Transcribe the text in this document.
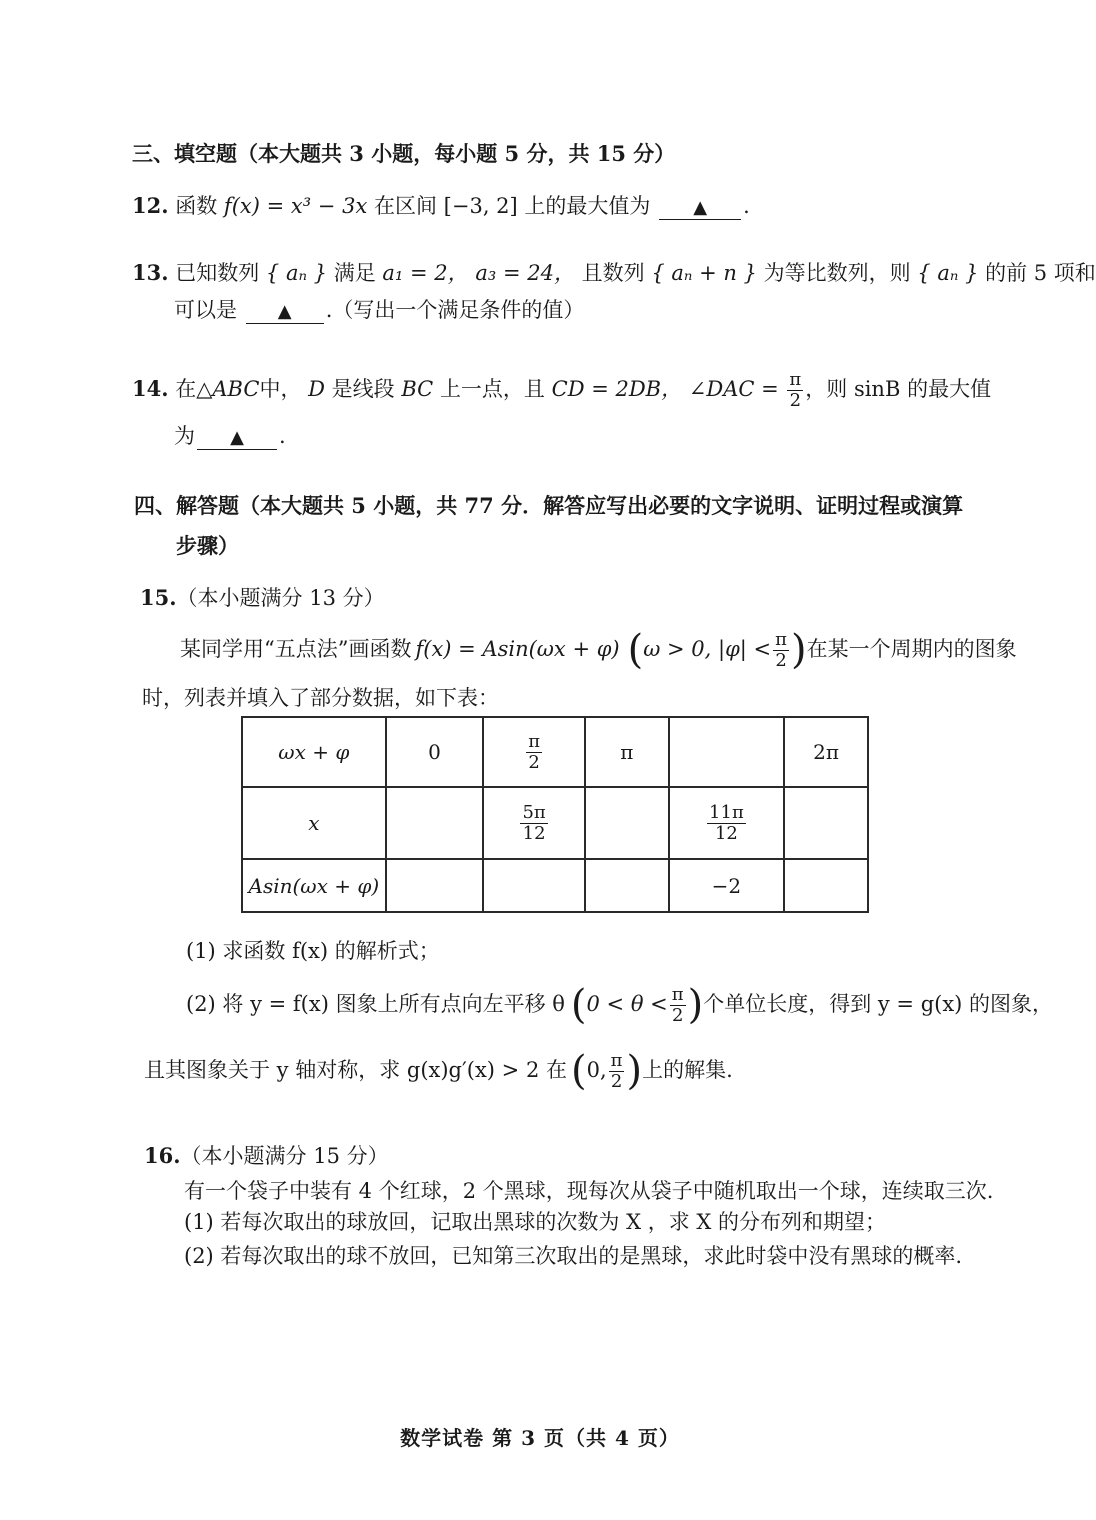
三、填空题（本大题共 3 小题，每小题 5 分，共 15 分）
12. 函数 f(x) = x³ − 3x 在区间 [−3, 2] 上的最大值为 ▲ .
13. 已知数列 { aₙ } 满足 a₁ = 2， a₃ = 24， 且数列 { aₙ + n } 为等比数列，则 { aₙ } 的前 5 项和
可以是 ▲ .（写出一个满足条件的值）
14. 在△ABC中， D 是线段 BC 上一点，且 CD = 2DB， ∠DAC = $\frac{\pi}{2}$ ，则 sinB 的最大值
为 ▲ .
四、解答题（本大题共 5 小题，共 77 分．解答应写出必要的文字说明、证明过程或演算
步骤）
15.（本小题满分 13 分）
某同学用“五点法”画函数 f(x) = Asin(ωx + φ) ( ω > 0, $|\varphi| < \frac{\pi}{2}$ ) 在某一个周期内的图象
时，列表并填入了部分数据，如下表：
ωx + φ	0	$\frac{\pi}{2}$	π		2π
x		$\frac{5\pi}{12}$		$\frac{11\pi}{12}$

Asin(ωx + φ)				−2	
(1) 求函数 f(x) 的解析式；
(2) 将 y = f(x) 图象上所有点向左平移 θ ( $0 < \theta < \frac{\pi}{2}$ ) 个单位长度，得到 y = g(x) 的图象，
且其图象关于 y 轴对称，求 g(x)g′(x) > 2 在 ( 0, $\frac{\pi}{2}$ ) 上的解集.
16.（本小题满分 15 分）
有一个袋子中装有 4 个红球，2 个黑球，现每次从袋子中随机取出一个球，连续取三次.
(1) 若每次取出的球放回，记取出黑球的次数为 X ，求 X 的分布列和期望；
(2) 若每次取出的球不放回，已知第三次取出的是黑球，求此时袋中没有黑球的概率.
数学试卷 第 3 页（共 4 页）
